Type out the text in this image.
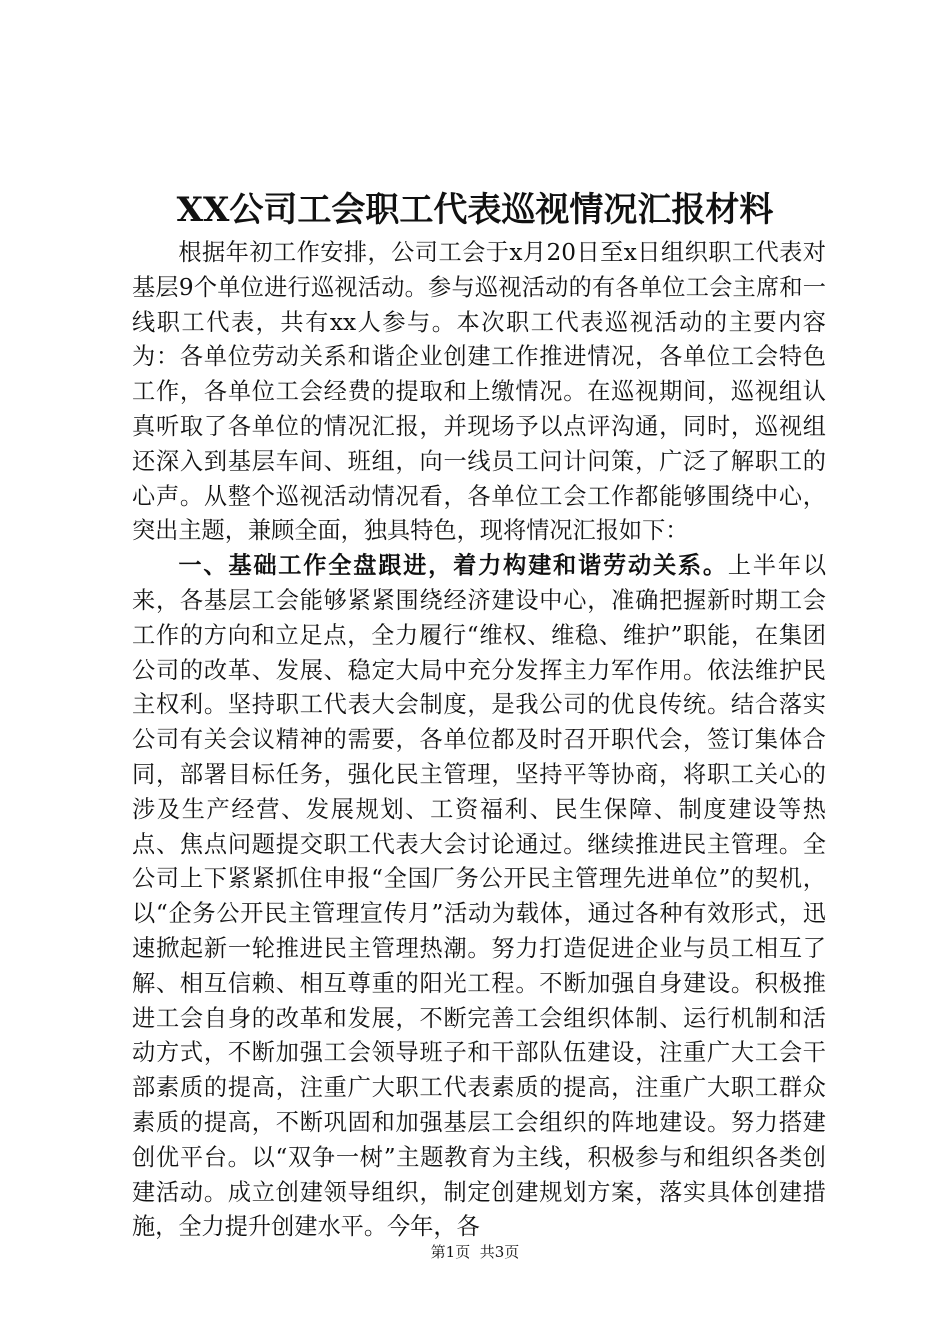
XX公司工会职工代表巡视情况汇报材料

根据年初工作安排，公司工会于x月20日至x日组织职工代表对基层9个单位进行巡视活动。参与巡视活动的有各单位工会主席和一线职工代表，共有xx人参与。本次职工代表巡视活动的主要内容为：各单位劳动关系和谐企业创建工作推进情况，各单位工会特色工作，各单位工会经费的提取和上缴情况。在巡视期间，巡视组认真听取了各单位的情况汇报，并现场予以点评沟通，同时，巡视组还深入到基层车间、班组，向一线员工问计问策，广泛了解职工的心声。从整个巡视活动情况看，各单位工会工作都能够围绕中心，突出主题，兼顾全面，独具特色，现将情况汇报如下：

一、基础工作全盘跟进，着力构建和谐劳动关系。上半年以来，各基层工会能够紧紧围绕经济建设中心，准确把握新时期工会工作的方向和立足点，全力履行“维权、维稳、维护”职能，在集团公司的改革、发展、稳定大局中充分发挥主力军作用。依法维护民主权利。坚持职工代表大会制度，是我公司的优良传统。结合落实公司有关会议精神的需要，各单位都及时召开职代会，签订集体合同，部署目标任务，强化民主管理，坚持平等协商，将职工关心的涉及生产经营、发展规划、工资福利、民生保障、制度建设等热点、焦点问题提交职工代表大会讨论通过。继续推进民主管理。全公司上下紧紧抓住申报“全国厂务公开民主管理先进单位”的契机，以“企务公开民主管理宣传月”活动为载体，通过各种有效形式，迅速掀起新一轮推进民主管理热潮。努力打造促进企业与员工相互了解、相互信赖、相互尊重的阳光工程。不断加强自身建设。积极推进工会自身的改革和发展，不断完善工会组织体制、运行机制和活动方式，不断加强工会领导班子和干部队伍建设，注重广大工会干部素质的提高，注重广大职工代表素质的提高，注重广大职工群众素质的提高，不断巩固和加强基层工会组织的阵地建设。努力搭建创优平台。以“双争一树”主题教育为主线，积极参与和组织各类创建活动。成立创建领导组织，制定创建规划方案，落实具体创建措施，全力提升创建水平。今年，各

第1页 共3页
